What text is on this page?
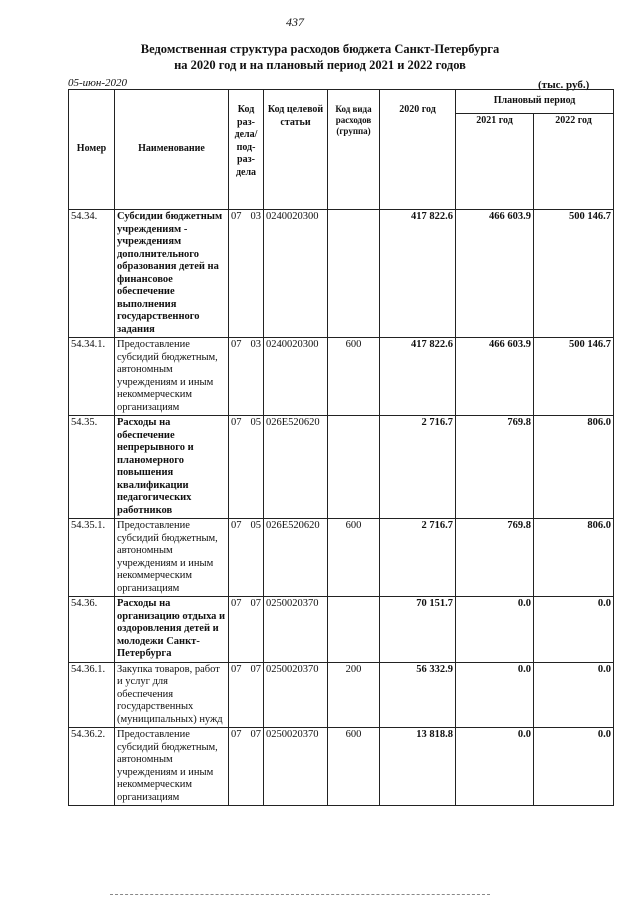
437
Ведомственная структура расходов бюджета Санкт-Петербурга
на 2020 год и на плановый период 2021 и 2022 годов
05-июн-2020	(тыс. руб.)
Номер	Наименование	Код раз-дела/ под-раз-дела		Код целевой статьи	Код вида расходов (группа)	2020 год	Плановый период	
							2021 год	2022 год
54.34.	Субсидии бюджетным учреждениям - учреждениям дополнительного образования детей на финансовое обеспечение выполнения государственного задания	07	03	0240020300		417 822.6	466 603.9	500 146.7
54.34.1.	Предоставление субсидий бюджетным, автономным учреждениям и иным некоммерческим организациям	07	03	0240020300	600	417 822.6	466 603.9	500 146.7
54.35.	Расходы на обеспечение непрерывного и планомерного повышения квалификации педагогических работников	07	05	026E520620		2 716.7	769.8	806.0
54.35.1.	Предоставление субсидий бюджетным, автономным учреждениям и иным некоммерческим организациям	07	05	026E520620	600	2 716.7	769.8	806.0
54.36.	Расходы на организацию отдыха и оздоровления детей и молодежи Санкт-Петербурга	07	07	0250020370		70 151.7	0.0	0.0
54.36.1.	Закупка товаров, работ и услуг для обеспечения государственных (муниципальных) нужд	07	07	0250020370	200	56 332.9	0.0	0.0
54.36.2.	Предоставление субсидий бюджетным, автономным учреждениям и иным некоммерческим организациям	07	07	0250020370	600	13 818.8	0.0	0.0
